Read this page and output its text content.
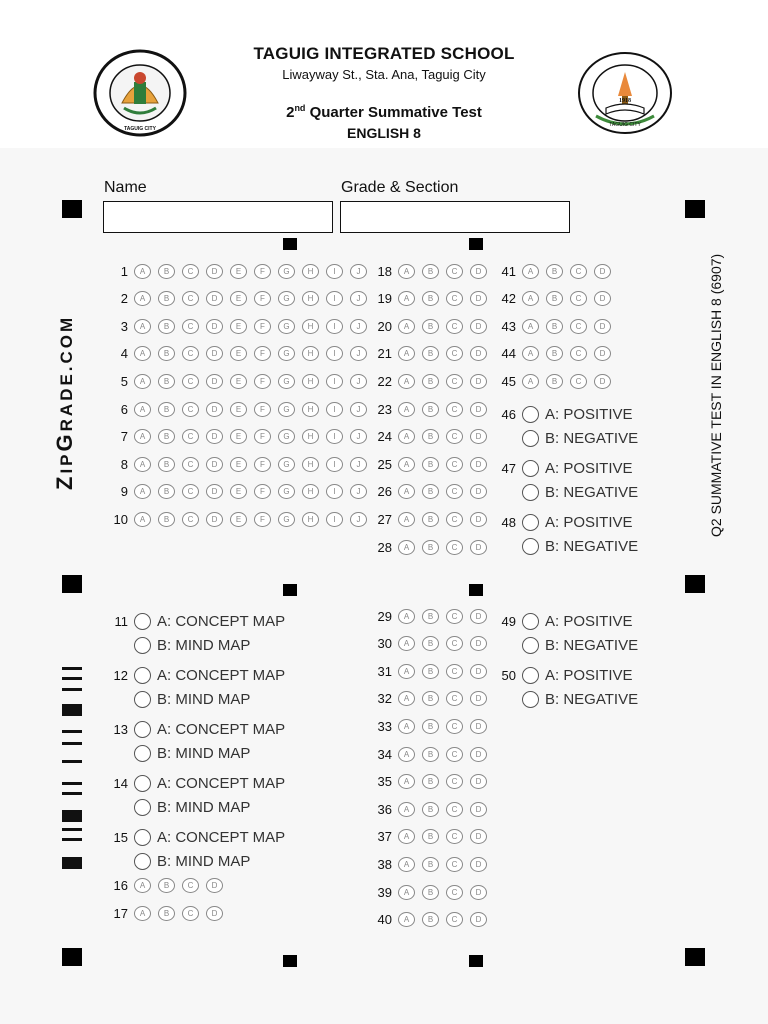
TAGUIG CITY
1918
TAGUIG CITY
TAGUIG INTEGRATED SCHOOL
Liwayway St., Sta. Ana, Taguig City
2nd Quarter Summative Test
ENGLISH 8
Name	Grade & Section
ZIPGRADE.COM	Q2 SUMMATIVE TEST IN ENGLISH 8 (6907)
1	A	B	C	D	E	F	G	H	I	J
2	A	B	C	D	E	F	G	H	I	J
3	A	B	C	D	E	F	G	H	I	J
4	A	B	C	D	E	F	G	H	I	J
5	A	B	C	D	E	F	G	H	I	J
6	A	B	C	D	E	F	G	H	I	J
7	A	B	C	D	E	F	G	H	I	J
8	A	B	C	D	E	F	G	H	I	J
9	A	B	C	D	E	F	G	H	I	J
10	A	B	C	D	E	F	G	H	I	J
18	A	B	C	D
19	A	B	C	D
20	A	B	C	D
21	A	B	C	D
22	A	B	C	D
23	A	B	C	D
24	A	B	C	D
25	A	B	C	D
26	A	B	C	D
27	A	B	C	D
28	A	B	C	D
41	A	B	C	D
42	A	B	C	D
43	A	B	C	D
44	A	B	C	D
45	A	B	C	D
46 A: POSITIVE
B: NEGATIVE
47 A: POSITIVE
B: NEGATIVE
48 A: POSITIVE
B: NEGATIVE
11 A: CONCEPT MAP
B: MIND MAP
12 A: CONCEPT MAP
B: MIND MAP
13 A: CONCEPT MAP
B: MIND MAP
14 A: CONCEPT MAP
B: MIND MAP
15 A: CONCEPT MAP
B: MIND MAP
16	A	B	C	D
17	A	B	C	D
29	A	B	C	D
30	A	B	C	D
31	A	B	C	D
32	A	B	C	D
33	A	B	C	D
34	A	B	C	D
35	A	B	C	D
36	A	B	C	D
37	A	B	C	D
38	A	B	C	D
39	A	B	C	D
40	A	B	C	D
49 A: POSITIVE
B: NEGATIVE
50 A: POSITIVE
B: NEGATIVE
